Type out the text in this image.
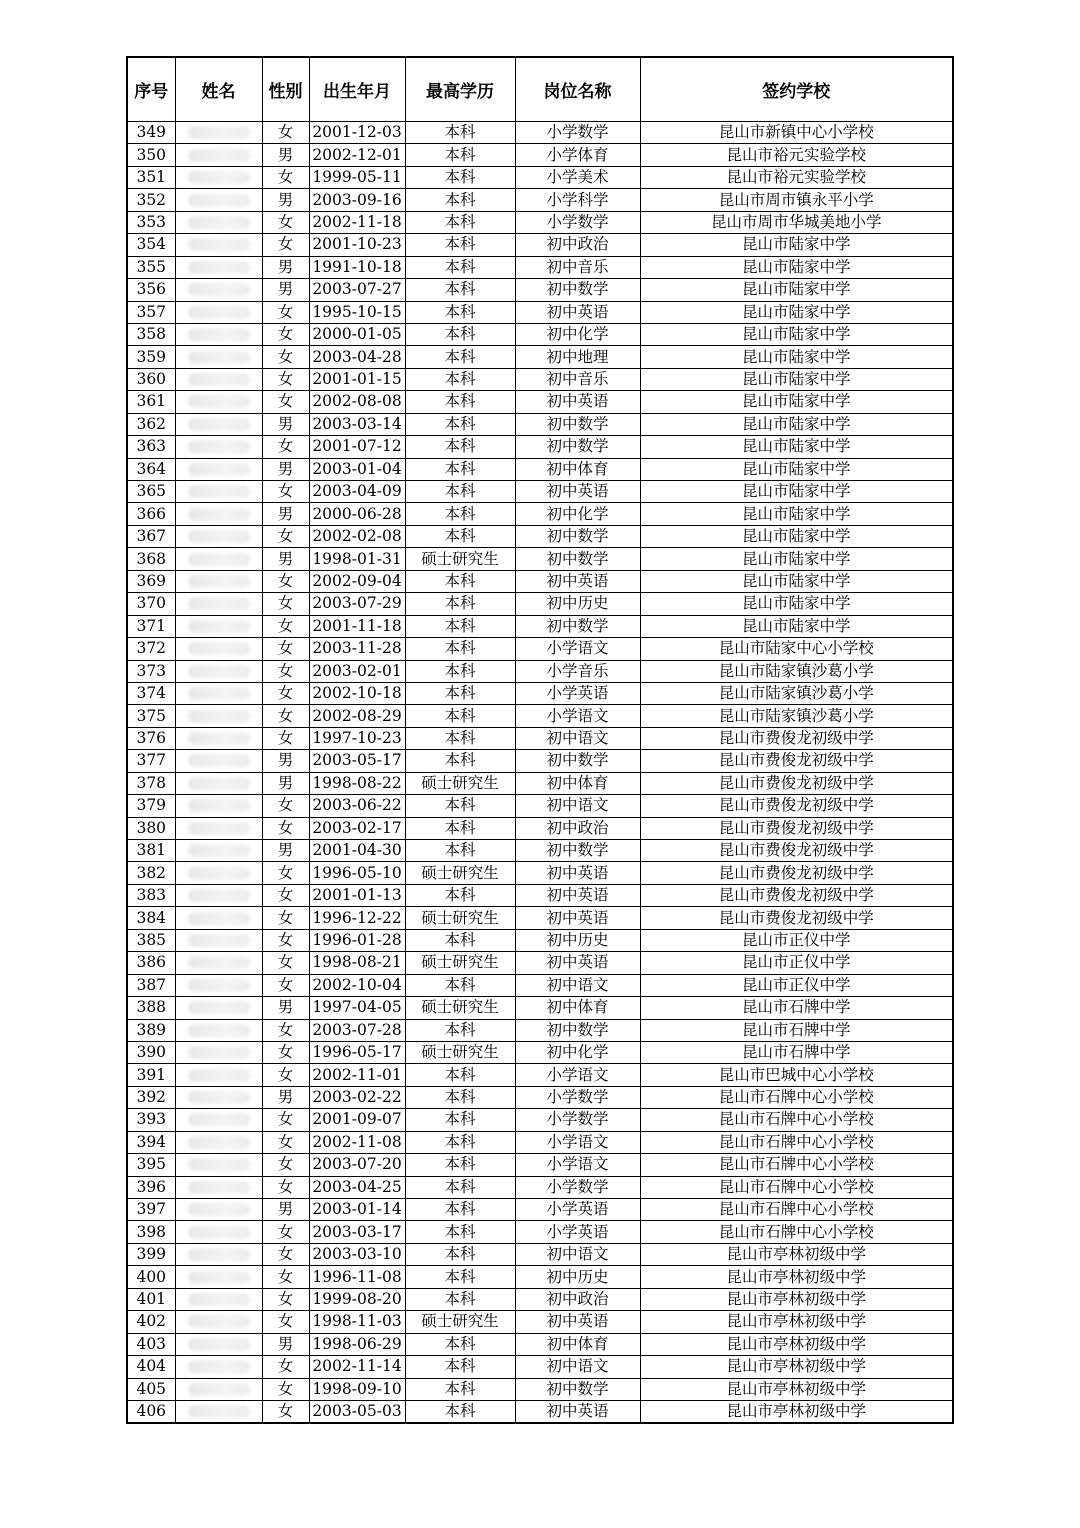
序号	姓名	性别	出生年月	最高学历	岗位名称	签约学校
349		女	2001-12-03	本科	小学数学	昆山市新镇中心小学校
350		男	2002-12-01	本科	小学体育	昆山市裕元实验学校
351		女	1999-05-11	本科	小学美术	昆山市裕元实验学校
352		男	2003-09-16	本科	小学科学	昆山市周市镇永平小学
353		女	2002-11-18	本科	小学数学	昆山市周市华城美地小学
354		女	2001-10-23	本科	初中政治	昆山市陆家中学
355		男	1991-10-18	本科	初中音乐	昆山市陆家中学
356		男	2003-07-27	本科	初中数学	昆山市陆家中学
357		女	1995-10-15	本科	初中英语	昆山市陆家中学
358		女	2000-01-05	本科	初中化学	昆山市陆家中学
359		女	2003-04-28	本科	初中地理	昆山市陆家中学
360		女	2001-01-15	本科	初中音乐	昆山市陆家中学
361		女	2002-08-08	本科	初中英语	昆山市陆家中学
362		男	2003-03-14	本科	初中数学	昆山市陆家中学
363		女	2001-07-12	本科	初中数学	昆山市陆家中学
364		男	2003-01-04	本科	初中体育	昆山市陆家中学
365		女	2003-04-09	本科	初中英语	昆山市陆家中学
366		男	2000-06-28	本科	初中化学	昆山市陆家中学
367		女	2002-02-08	本科	初中数学	昆山市陆家中学
368		男	1998-01-31	硕士研究生	初中数学	昆山市陆家中学
369		女	2002-09-04	本科	初中英语	昆山市陆家中学
370		女	2003-07-29	本科	初中历史	昆山市陆家中学
371		女	2001-11-18	本科	初中数学	昆山市陆家中学
372		女	2003-11-28	本科	小学语文	昆山市陆家中心小学校
373		女	2003-02-01	本科	小学音乐	昆山市陆家镇沙葛小学
374		女	2002-10-18	本科	小学英语	昆山市陆家镇沙葛小学
375		女	2002-08-29	本科	小学语文	昆山市陆家镇沙葛小学
376		女	1997-10-23	本科	初中语文	昆山市费俊龙初级中学
377		男	2003-05-17	本科	初中数学	昆山市费俊龙初级中学
378		男	1998-08-22	硕士研究生	初中体育	昆山市费俊龙初级中学
379		女	2003-06-22	本科	初中语文	昆山市费俊龙初级中学
380		女	2003-02-17	本科	初中政治	昆山市费俊龙初级中学
381		男	2001-04-30	本科	初中数学	昆山市费俊龙初级中学
382		女	1996-05-10	硕士研究生	初中英语	昆山市费俊龙初级中学
383		女	2001-01-13	本科	初中英语	昆山市费俊龙初级中学
384		女	1996-12-22	硕士研究生	初中英语	昆山市费俊龙初级中学
385		女	1996-01-28	本科	初中历史	昆山市正仪中学
386		女	1998-08-21	硕士研究生	初中英语	昆山市正仪中学
387		女	2002-10-04	本科	初中语文	昆山市正仪中学
388		男	1997-04-05	硕士研究生	初中体育	昆山市石牌中学
389		女	2003-07-28	本科	初中数学	昆山市石牌中学
390		女	1996-05-17	硕士研究生	初中化学	昆山市石牌中学
391		女	2002-11-01	本科	小学语文	昆山市巴城中心小学校
392		男	2003-02-22	本科	小学数学	昆山市石牌中心小学校
393		女	2001-09-07	本科	小学数学	昆山市石牌中心小学校
394		女	2002-11-08	本科	小学语文	昆山市石牌中心小学校
395		女	2003-07-20	本科	小学语文	昆山市石牌中心小学校
396		女	2003-04-25	本科	小学数学	昆山市石牌中心小学校
397		男	2003-01-14	本科	小学英语	昆山市石牌中心小学校
398		女	2003-03-17	本科	小学英语	昆山市石牌中心小学校
399		女	2003-03-10	本科	初中语文	昆山市亭林初级中学
400		女	1996-11-08	本科	初中历史	昆山市亭林初级中学
401		女	1999-08-20	本科	初中政治	昆山市亭林初级中学
402		女	1998-11-03	硕士研究生	初中英语	昆山市亭林初级中学
403		男	1998-06-29	本科	初中体育	昆山市亭林初级中学
404		女	2002-11-14	本科	初中语文	昆山市亭林初级中学
405		女	1998-09-10	本科	初中数学	昆山市亭林初级中学
406		女	2003-05-03	本科	初中英语	昆山市亭林初级中学
